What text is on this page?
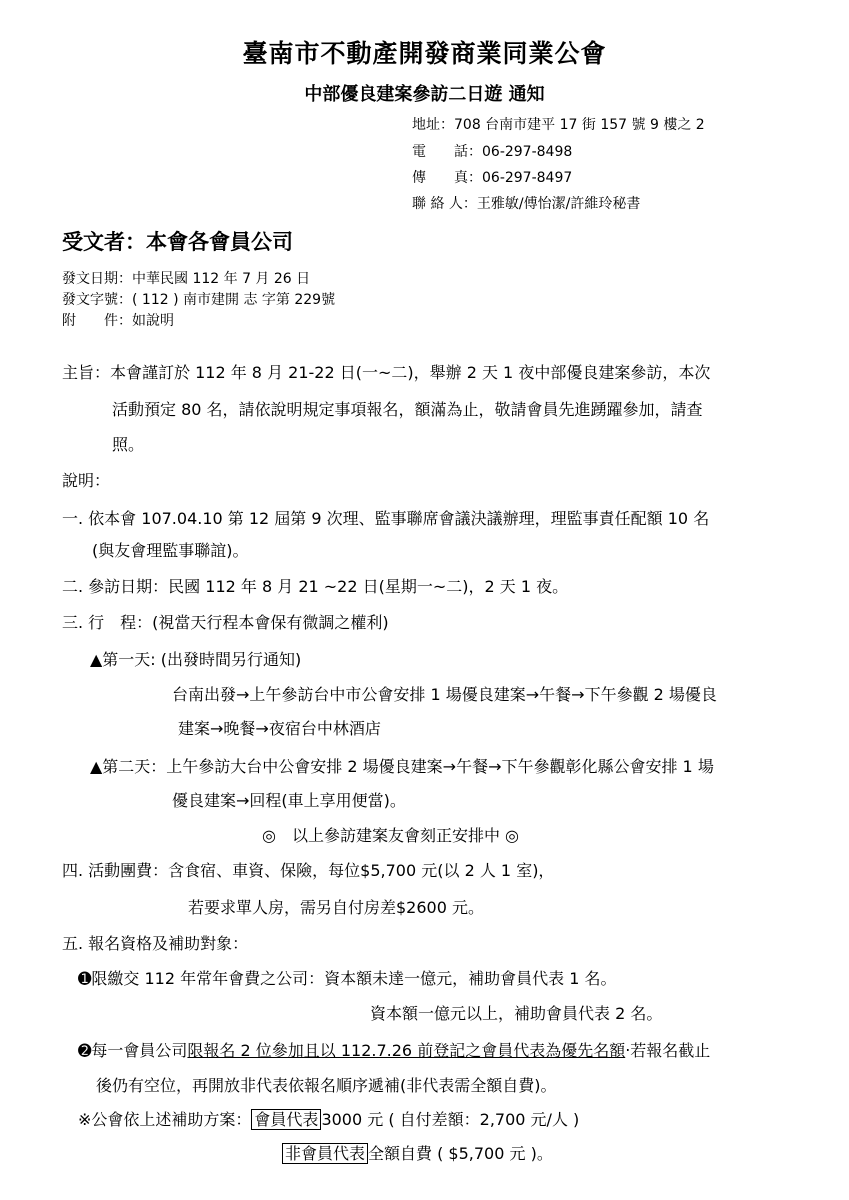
臺南市不動產開發商業同業公會
中部優良建案參訪二日遊 通知
地址：708 台南市建平 17 街 157 號 9 樓之 2
電　　話：06-297-8498
傳　　真：06-297-8497
聯 絡 人：王雅敏/傅怡潔/許維玲秘書
受文者：本會各會員公司
發文日期：中華民國 112 年 7 月 26 日
發文字號：( 112 ) 南市建開 志 字第 229號
附　　件：如說明
主旨：本會謹訂於 112 年 8 月 21-22 日(一~二)，舉辦 2 天 1 夜中部優良建案參訪，本次
活動預定 80 名，請依說明規定事項報名，額滿為止，敬請會員先進踴躍參加，請查
照。
說明：
一. 依本會 107.04.10 第 12 屆第 9 次理、監事聯席會議決議辦理，理監事責任配額 10 名
(與友會理監事聯誼)。
二. 參訪日期：民國 112 年 8 月 21 ~22 日(星期一~二)，2 天 1 夜。
三. 行　程：(視當天行程本會保有微調之權利)
▲第一天: (出發時間另行通知)
台南出發→上午參訪台中市公會安排 1 場優良建案→午餐→下午參觀 2 場優良
建案→晚餐→夜宿台中林酒店
▲第二天：上午參訪大台中公會安排 2 場優良建案→午餐→下午參觀彰化縣公會安排 1 場
優良建案→回程(車上享用便當)。
◎　以上參訪建案友會刻正安排中 ◎
四. 活動團費：含食宿、車資、保險，每位$5,700 元(以 2 人 1 室)，
若要求單人房，需另自付房差$2600 元。
五. 報名資格及補助對象：
➊限繳交 112 年常年會費之公司：資本額未達一億元，補助會員代表 1 名。
資本額一億元以上，補助會員代表 2 名。
➋每一會員公司限報名 2 位參加且以 112.7.26 前登記之會員代表為優先名額‧若報名截止
後仍有空位，再開放非代表依報名順序遞補(非代表需全額自費)。
※公會依上述補助方案： 會員代表 3000 元 ( 自付差額：2,700 元/人 )
非會員代表 全額自費 ( $5,700 元 )。
